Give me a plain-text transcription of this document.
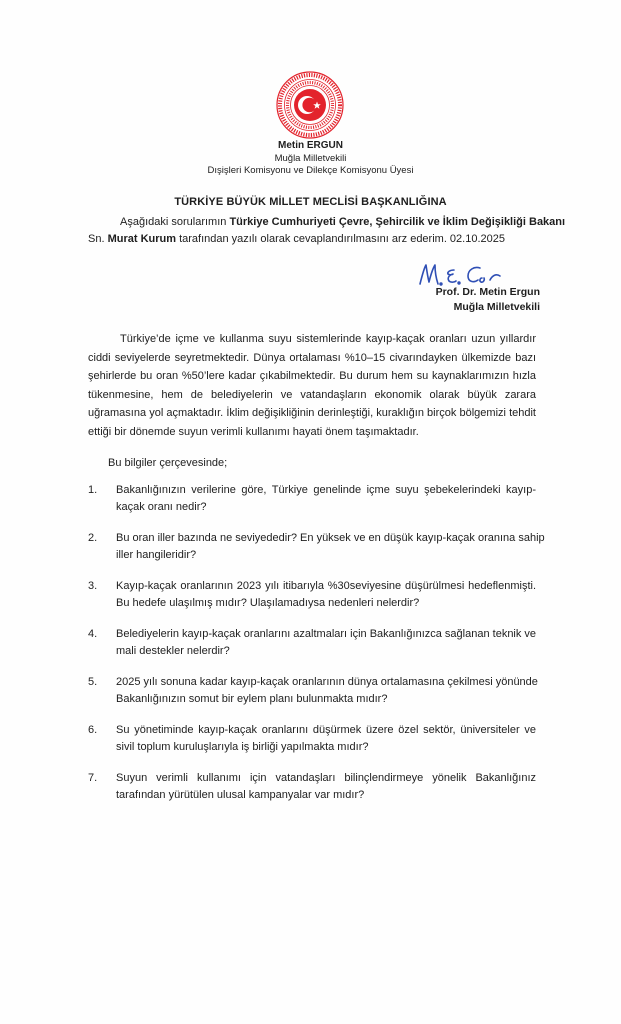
Metin ERGUN
Muğla Milletvekili
Dışişleri Komisyonu ve Dilekçe Komisyonu Üyesi
TÜRKİYE BÜYÜK MİLLET MECLİSİ BAŞKANLIĞINA
Aşağıdaki sorularımın Türkiye Cumhuriyeti Çevre, Şehircilik ve İklim Değişikliği Bakanı
Sn. Murat Kurum tarafından yazılı olarak cevaplandırılmasını arz ederim. 02.10.2025
Prof. Dr. Metin Ergun
Muğla Milletvekili
Türkiye’de içme ve kullanma suyu sistemlerinde kayıp-kaçak oranları uzun yıllardır
ciddi seviyelerde seyretmektedir. Dünya ortalaması %10–15 civarındayken ülkemizde bazı
şehirlerde bu oran %50’lere kadar çıkabilmektedir. Bu durum hem su kaynaklarımızın hızla
tükenmesine, hem de belediyelerin ve vatandaşların ekonomik olarak büyük zarara
uğramasına yol açmaktadır. İklim değişikliğinin derinleştiği, kuraklığın birçok bölgemizi tehdit
ettiği bir dönemde suyun verimli kullanımı hayati önem taşımaktadır.
Bu bilgiler çerçevesinde;
1. Bakanlığınızın verilerine göre, Türkiye genelinde içme suyu şebekelerindeki kayıp-
kaçak oranı nedir?
2. Bu oran iller bazında ne seviyededir? En yüksek ve en düşük kayıp-kaçak oranına sahip
iller hangileridir?
3. Kayıp-kaçak oranlarının 2023 yılı itibarıyla %30seviyesine düşürülmesi hedeflenmişti.
Bu hedefe ulaşılmış mıdır? Ulaşılamadıysa nedenleri nelerdir?
4. Belediyelerin kayıp-kaçak oranlarını azaltmaları için Bakanlığınızca sağlanan teknik ve
mali destekler nelerdir?
5. 2025 yılı sonuna kadar kayıp-kaçak oranlarının dünya ortalamasına çekilmesi yönünde
Bakanlığınızın somut bir eylem planı bulunmakta mıdır?
6. Su yönetiminde kayıp-kaçak oranlarını düşürmek üzere özel sektör, üniversiteler ve
sivil toplum kuruluşlarıyla iş birliği yapılmakta mıdır?
7. Suyun verimli kullanımı için vatandaşları bilinçlendirmeye yönelik Bakanlığınız
tarafından yürütülen ulusal kampanyalar var mıdır?
